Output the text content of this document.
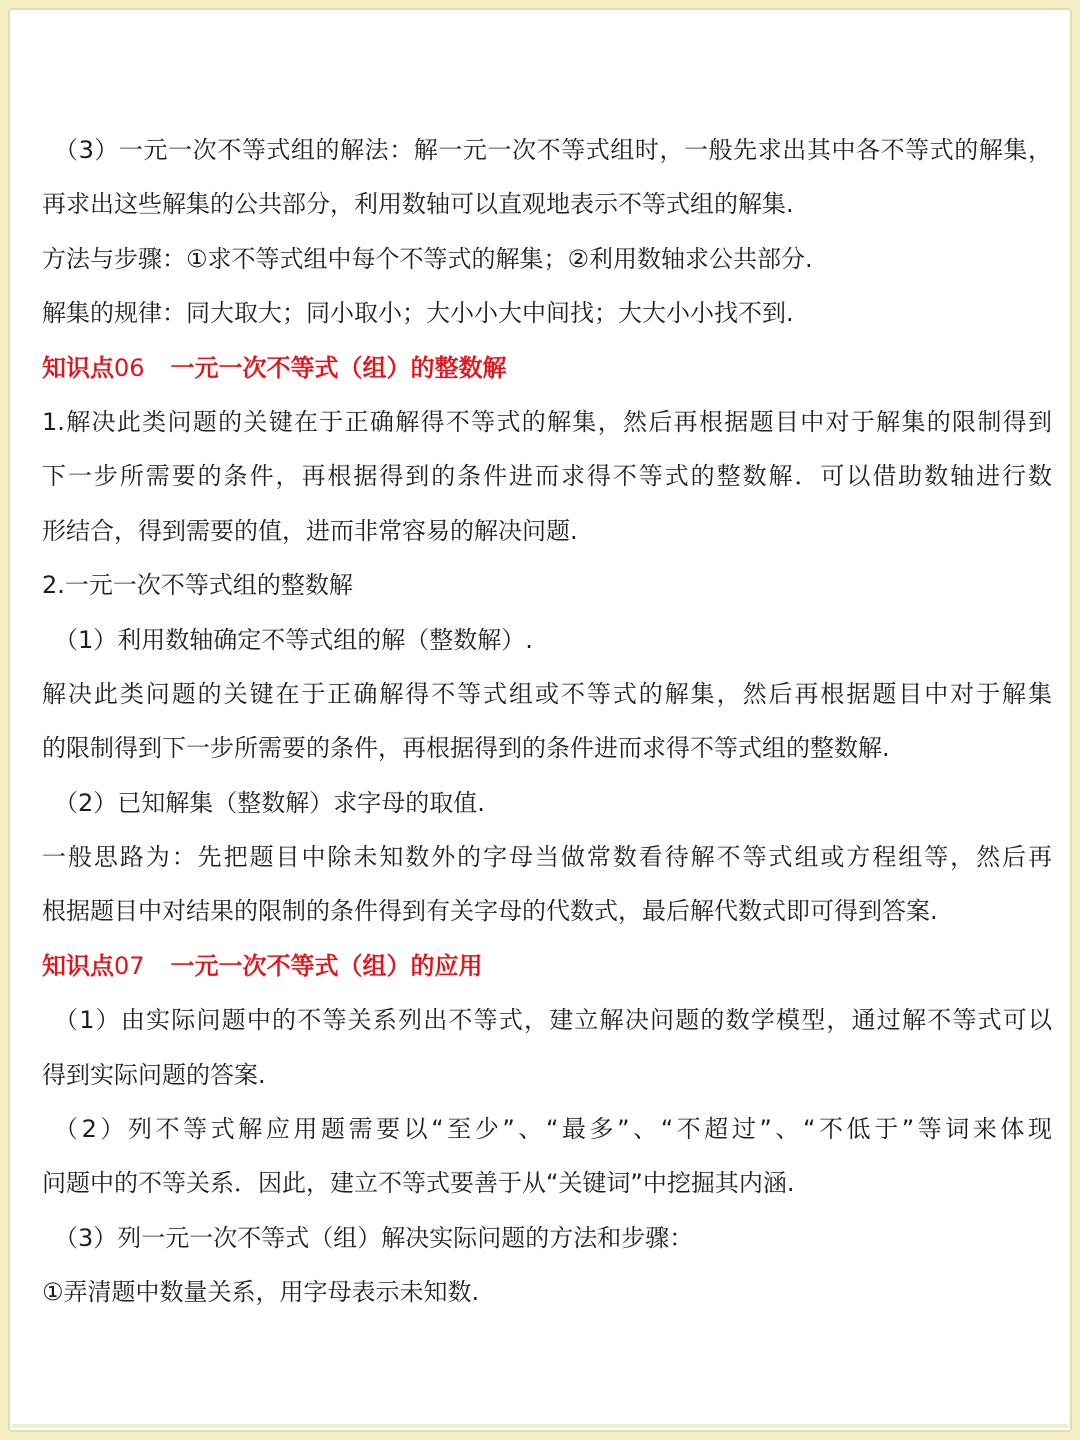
（3）一元一次不等式组的解法：解一元一次不等式组时，一般先求出其中各不等式的解集，
再求出这些解集的公共部分，利用数轴可以直观地表示不等式组的解集.
方法与步骤：①求不等式组中每个不等式的解集；②利用数轴求公共部分.
解集的规律：同大取大；同小取小；大小小大中间找；大大小小找不到.
知识点06 一元一次不等式（组）的整数解
1.解决此类问题的关键在于正确解得不等式的解集，然后再根据题目中对于解集的限制得到
下一步所需要的条件，再根据得到的条件进而求得不等式的整数解．可以借助数轴进行数
形结合，得到需要的值，进而非常容易的解决问题.
2.一元一次不等式组的整数解
（1）利用数轴确定不等式组的解（整数解）.
解决此类问题的关键在于正确解得不等式组或不等式的解集，然后再根据题目中对于解集
的限制得到下一步所需要的条件，再根据得到的条件进而求得不等式组的整数解.
（2）已知解集（整数解）求字母的取值.
一般思路为：先把题目中除未知数外的字母当做常数看待解不等式组或方程组等，然后再
根据题目中对结果的限制的条件得到有关字母的代数式，最后解代数式即可得到答案.
知识点07 一元一次不等式（组）的应用
（1）由实际问题中的不等关系列出不等式，建立解决问题的数学模型，通过解不等式可以
得到实际问题的答案.
（2）列不等式解应用题需要以“至少”、“最多”、“不超过”、“不低于”等词来体现
问题中的不等关系．因此，建立不等式要善于从“关键词”中挖掘其内涵.
（3）列一元一次不等式（组）解决实际问题的方法和步骤：
①弄清题中数量关系，用字母表示未知数.
